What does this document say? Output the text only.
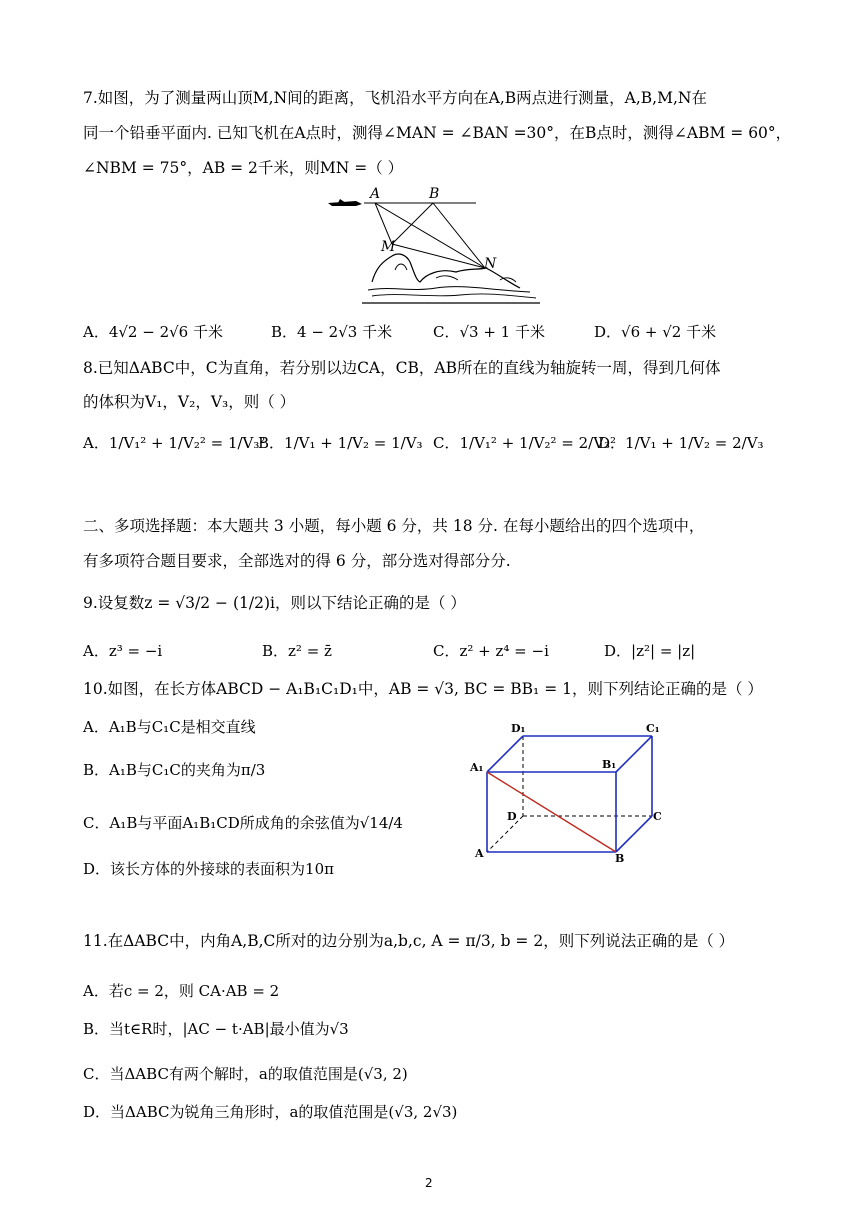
7.如图，为了测量两山顶M,N间的距离，飞机沿水平方向在A,B两点进行测量，A,B,M,N在
同一个铅垂平面内. 已知飞机在A点时，测得∠MAN = ∠BAN =30°，在B点时，测得∠ABM = 60°，
∠NBM = 75°，AB = 2千米，则MN =（ ）
A	B
M
N
A．4√2 − 2√6 千米	B．4 − 2√3 千米	C．√3 + 1 千米	D．√6 + √2 千米
8.已知ΔABC中，C为直角，若分别以边CA，CB，AB所在的直线为轴旋转一周，得到几何体
的体积为V₁，V₂，V₃，则（ ）
A．1/V₁² + 1/V₂² = 1/V₃²
B．1/V₁ + 1/V₂ = 1/V₃ C．1/V₁² + 1/V₂² = 2/V₃²
D．1/V₁ + 1/V₂ = 2/V₃
二、多项选择题：本大题共 3 小题，每小题 6 分，共 18 分. 在每小题给出的四个选项中，
有多项符合题目要求，全部选对的得 6 分，部分选对得部分分.
9.设复数z = √3/2 − (1/2)i，则以下结论正确的是（ ）
A．z³ = −i	B．z² = z̄	C．z² + z⁴ = −i	D．|z²| = |z|
10.如图，在长方体ABCD − A₁B₁C₁D₁中，AB = √3, BC = BB₁ = 1，则下列结论正确的是（ ）
A．A₁B与C₁C是相交直线
B．A₁B与C₁C的夹角为π/3
C．A₁B与平面A₁B₁CD所成角的余弦值为√14/4
D．该长方体的外接球的表面积为10π
D₁	C₁
A₁	B₁
D	C
A	B
11.在ΔABC中，内角A,B,C所对的边分别为a,b,c, A = π/3, b = 2，则下列说法正确的是（ ）
A．若c = 2，则 CA·AB = 2
B．当t∈R时，|AC − t·AB|最小值为√3
C．当ΔABC有两个解时，a的取值范围是(√3, 2)
D．当ΔABC为锐角三角形时，a的取值范围是(√3, 2√3)
2
